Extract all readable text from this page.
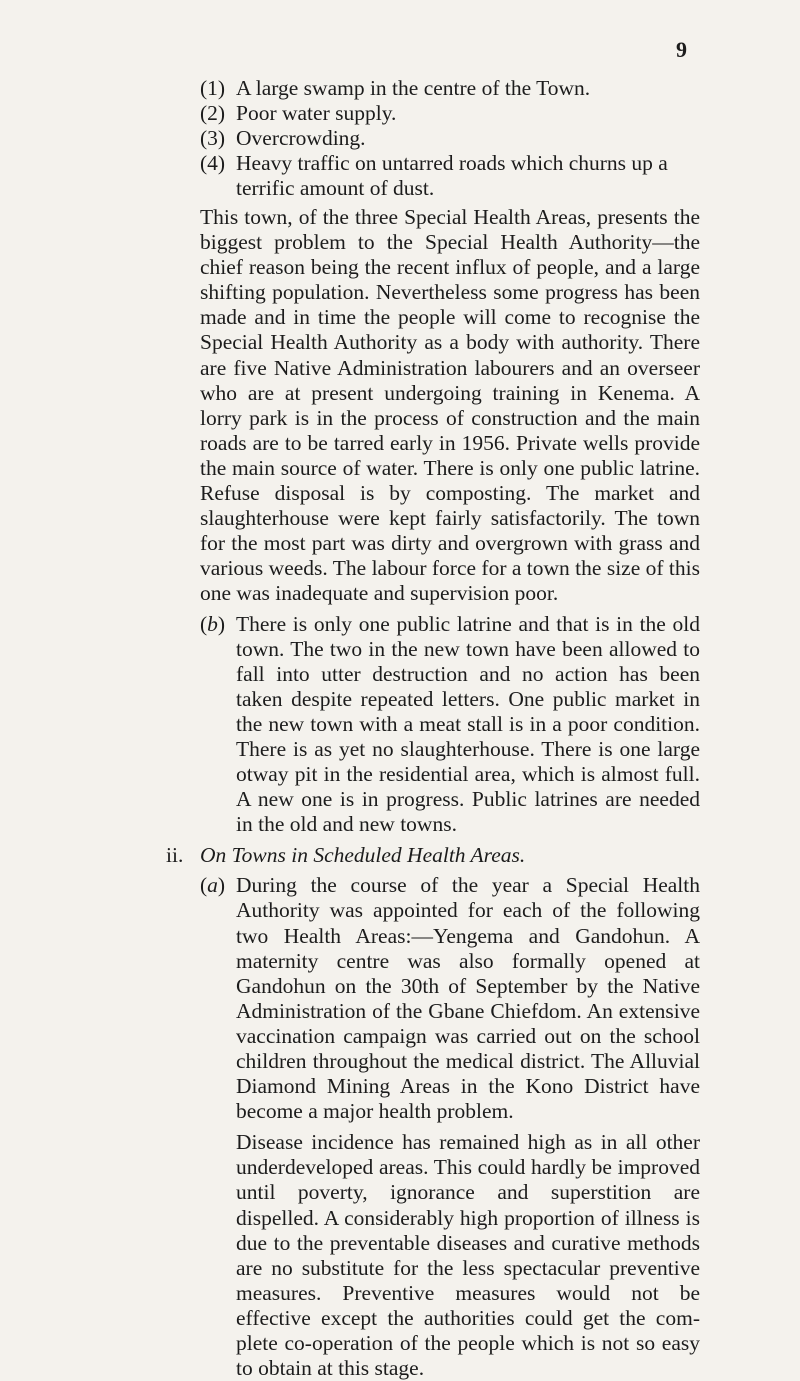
9
(1) A large swamp in the centre of the Town.
(2) Poor water supply.
(3) Overcrowding.
(4) Heavy traffic on untarred roads which churns up a terrific amount of dust.

This town, of the three Special Health Areas, presents the biggest problem to the Special Health Authority—the chief reason being the recent influx of people, and a large shifting population. Nevertheless some progress has been made and in time the people will come to recognise the Special Health Authority as a body with authority. There are five Native Administration labourers and an overseer who are at present undergoing training in Kenema. A lorry park is in the process of construction and the main roads are to be tarred early in 1956. Private wells provide the main source of water. There is only one public latrine. Refuse disposal is by composting. The market and slaughterhouse were kept fairly satisfactorily. The town for the most part was dirty and overgrown with grass and various weeds. The labour force for a town the size of this one was inadequate and supervision poor.

(b) There is only one public latrine and that is in the old town. The two in the new town have been allowed to fall into utter destruction and no action has been taken despite repeated letters. One public market in the new town with a meat stall is in a poor condition. There is as yet no slaughterhouse. There is one large otway pit in the residential area, which is almost full. A new one is in progress. Public latrines are needed in the old and new towns.
ii. On Towns in Scheduled Health Areas.
(a) During the course of the year a Special Health Authority was appointed for each of the following two Health Areas:—Yengema and Gandohun. A maternity centre was also formally opened at Gandohun on the 30th of September by the Native Administration of the Gbane Chiefdom. An extensive vaccination campaign was carried out on the school children throughout the medical district. The Alluvial Diamond Mining Areas in the Kono District have become a major health problem.

Disease incidence has remained high as in all other underdeveloped areas. This could hardly be improved until poverty, ignorance and superstition are dispelled. A considerably high proportion of illness is due to the preventable diseases and curative methods are no substitute for the less spectacular preventive measures. Preventive measures would not be effective except the authorities could get the complete co-operation of the people which is not so easy to obtain at this stage.
